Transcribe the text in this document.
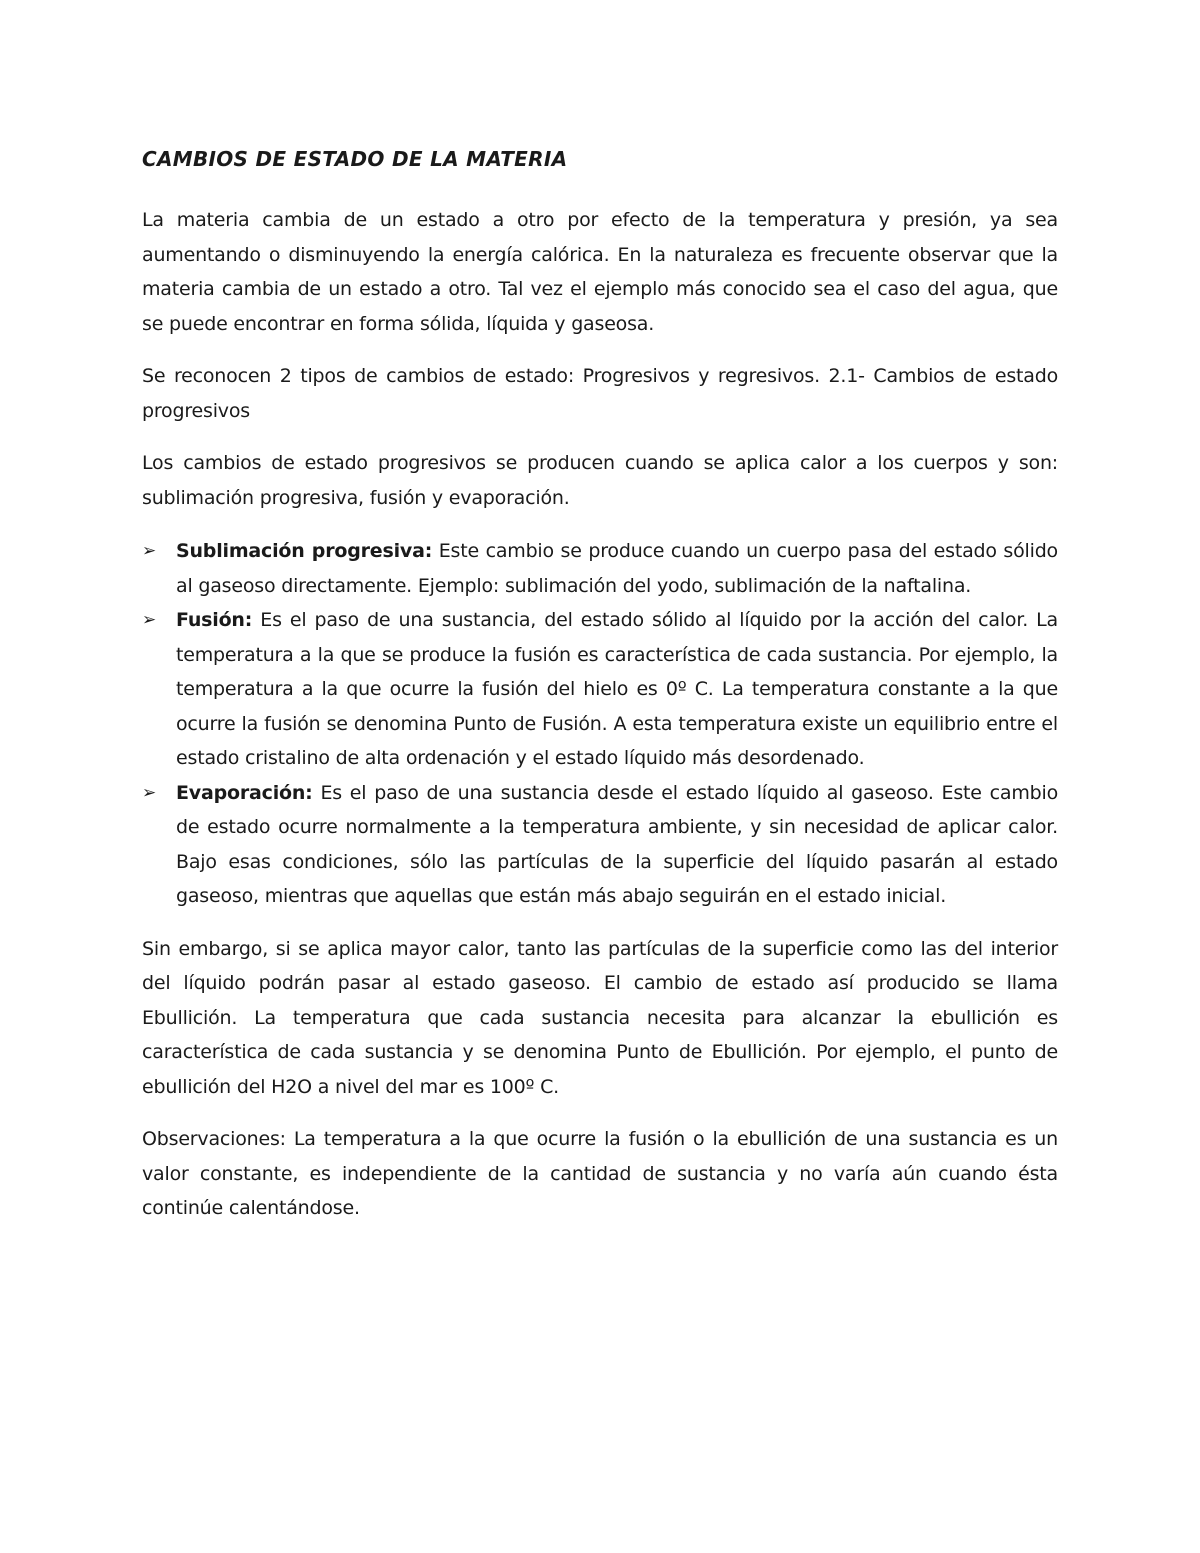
CAMBIOS DE ESTADO DE LA MATERIA

La materia cambia de un estado a otro por efecto de la temperatura y presión, ya sea aumentando o disminuyendo la energía calórica. En la naturaleza es frecuente observar que la materia cambia de un estado a otro. Tal vez el ejemplo más conocido sea el caso del agua, que se puede encontrar en forma sólida, líquida y gaseosa.

Se reconocen 2 tipos de cambios de estado: Progresivos y regresivos. 2.1- Cambios de estado progresivos

Los cambios de estado progresivos se producen cuando se aplica calor a los cuerpos y son: sublimación progresiva, fusión y evaporación.

➢ Sublimación progresiva: Este cambio se produce cuando un cuerpo pasa del estado sólido al gaseoso directamente. Ejemplo: sublimación del yodo, sublimación de la naftalina.
➢ Fusión: Es el paso de una sustancia, del estado sólido al líquido por la acción del calor. La temperatura a la que se produce la fusión es característica de cada sustancia. Por ejemplo, la temperatura a la que ocurre la fusión del hielo es 0º C. La temperatura constante a la que ocurre la fusión se denomina Punto de Fusión. A esta temperatura existe un equilibrio entre el estado cristalino de alta ordenación y el estado líquido más desordenado.
➢ Evaporación: Es el paso de una sustancia desde el estado líquido al gaseoso. Este cambio de estado ocurre normalmente a la temperatura ambiente, y sin necesidad de aplicar calor. Bajo esas condiciones, sólo las partículas de la superficie del líquido pasarán al estado gaseoso, mientras que aquellas que están más abajo seguirán en el estado inicial.

Sin embargo, si se aplica mayor calor, tanto las partículas de la superficie como las del interior del líquido podrán pasar al estado gaseoso. El cambio de estado así producido se llama Ebullición. La temperatura que cada sustancia necesita para alcanzar la ebullición es característica de cada sustancia y se denomina Punto de Ebullición. Por ejemplo, el punto de ebullición del H2O a nivel del mar es 100º C.

Observaciones: La temperatura a la que ocurre la fusión o la ebullición de una sustancia es un valor constante, es independiente de la cantidad de sustancia y no varía aún cuando ésta continúe calentándose.
